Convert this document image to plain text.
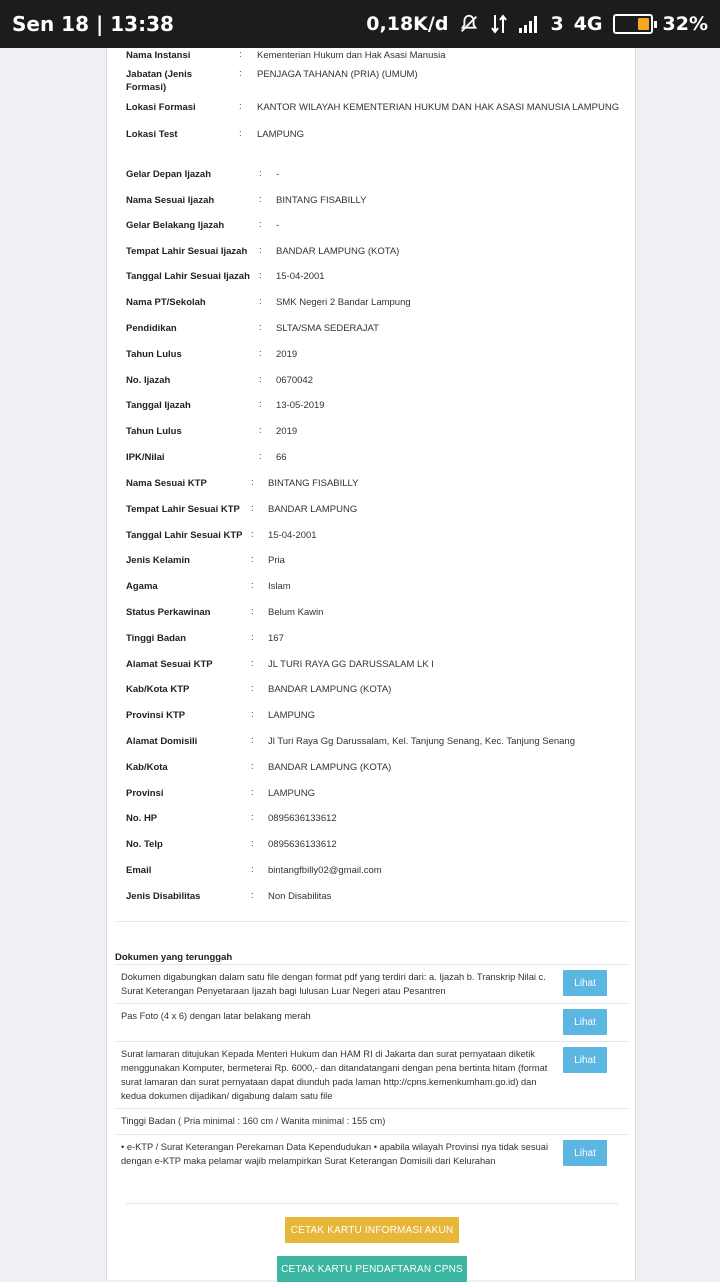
Sen 18 | 13:38	0,18K/d	3 4G	32%
Nama Instansi	: Kementerian Hukum dan Hak Asasi Manusia
Jabatan (Jenis Formasi)
: PENJAGA TAHANAN (PRIA) (UMUM)
Lokasi Formasi	: KANTOR WILAYAH KEMENTERIAN HUKUM DAN HAK ASASI MANUSIA LAMPUNG
Lokasi Test	: LAMPUNG
Gelar Depan Ijazah	: -
Nama Sesuai Ijazah	: BINTANG FISABILLY
Gelar Belakang Ijazah	: -
Tempat Lahir Sesuai Ijazah	: BANDAR LAMPUNG (KOTA)
Tanggal Lahir Sesuai Ijazah : 15-04-2001
Nama PT/Sekolah	: SMK Negeri 2 Bandar Lampung
Pendidikan	: SLTA/SMA SEDERAJAT
Tahun Lulus	: 2019
No. Ijazah	: 0670042
Tanggal Ijazah	: 13-05-2019
Tahun Lulus	: 2019
IPK/Nilai	: 66
Nama Sesuai KTP	: BINTANG FISABILLY
Tempat Lahir Sesuai KTP	: BANDAR LAMPUNG
Tanggal Lahir Sesuai KTP : 15-04-2001
Jenis Kelamin	: Pria
Agama	: Islam
Status Perkawinan	: Belum Kawin
Tinggi Badan	: 167
Alamat Sesuai KTP	: JL TURI RAYA GG DARUSSALAM LK I
Kab/Kota KTP	: BANDAR LAMPUNG (KOTA)
Provinsi KTP	: LAMPUNG
Alamat Domisili	: Jl Turi Raya Gg Darussalam, Kel. Tanjung Senang, Kec. Tanjung Senang
Kab/Kota	: BANDAR LAMPUNG (KOTA)
Provinsi	: LAMPUNG
No. HP	: 0895636133612
No. Telp	: 0895636133612
Email	: bintangfbilly02@gmail.com
Jenis Disabilitas	: Non Disabilitas
Dokumen yang terunggah
Dokumen digabungkan dalam satu file dengan format pdf yang terdiri dari: a. Ijazah b. Transkrip Nilai c. Surat Keterangan Penyetaraan Ijazah bagi lulusan Luar Negeri atau Pesantren
Lihat
Pas Foto (4 x 6) dengan latar belakang merah
Lihat
Surat lamaran ditujukan Kepada Menteri Hukum dan HAM RI di Jakarta dan surat pernyataan diketik menggunakan Komputer, bermeterai Rp. 6000,- dan ditandatangani dengan pena bertinta hitam (format surat lamaran dan surat pernyataan dapat diunduh pada laman http://cpns.kemenkumham.go.id) dan kedua dokumen dijadikan/ digabung dalam satu file
Lihat
Tinggi Badan ( Pria minimal : 160 cm / Wanita minimal : 155 cm)
• e-KTP / Surat Keterangan Perekaman Data Kependudukan • apabila wilayah Provinsi nya tidak sesuai dengan e-KTP maka pelamar wajib melampirkan Surat Keterangan Domisili dari Kelurahan
Lihat
CETAK KARTU INFORMASI AKUN
CETAK KARTU PENDAFTARAN CPNS
